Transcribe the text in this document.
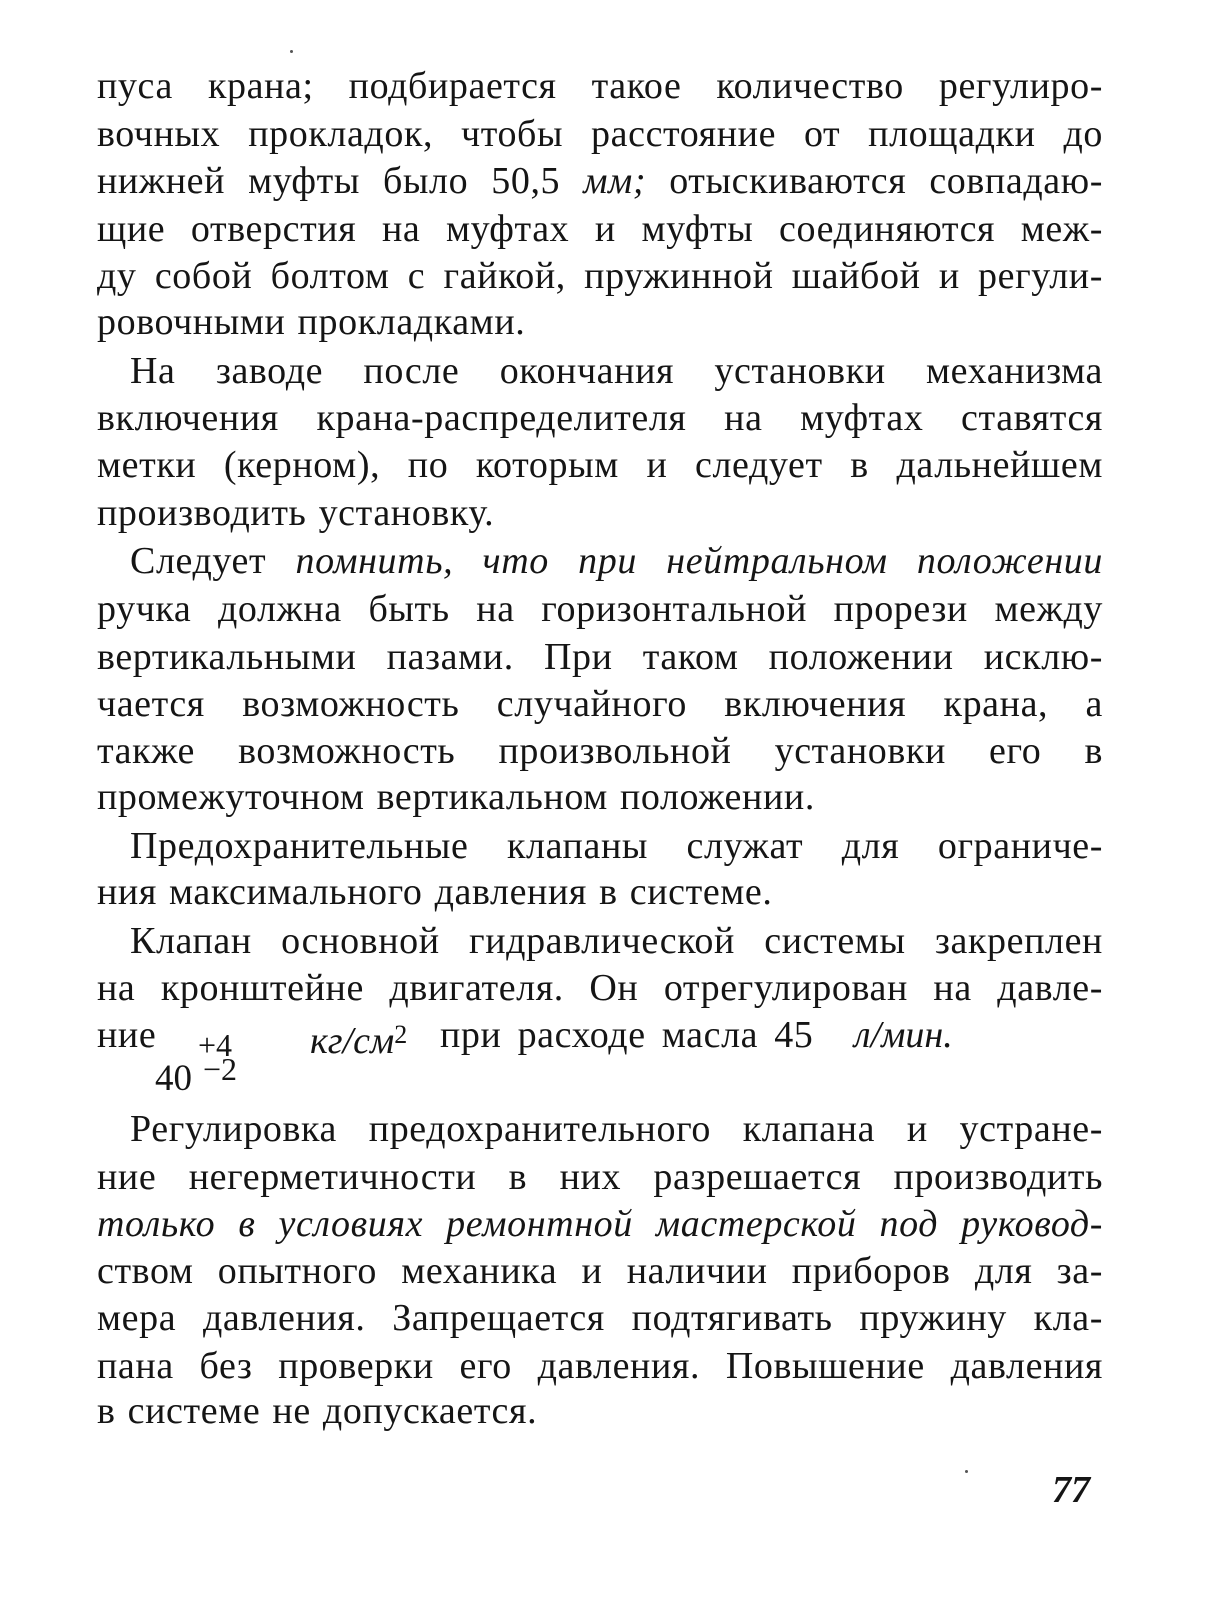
пуса крана; подбирается такое количество регулиро-
вочных прокладок, чтобы расстояние от площадки до
нижней муфты было 50,5 мм; отыскиваются совпадаю-
щие отверстия на муфтах и муфты соединяются меж-
ду собой болтом с гайкой, пружинной шайбой и регули-
ровочными прокладками.
На заводе после окончания установки механизма
включения крана-распределителя на муфтах ставятся
метки (керном), по которым и следует в дальнейшем
производить установку.
Следует помнить, что при нейтральном положении
ручка должна быть на горизонтальной прорези между
вертикальными пазами. При таком положении исклю-
чается возможность случайного включения крана, а
также возможность произвольной установки его в
промежуточном вертикальном положении.
Предохранительные клапаны служат для ограниче-
ния максимального давления в системе.
Клапан основной гидравлической системы закреплен
на кронштейне двигателя. Он отрегулирован на давле-
ние +4
40 −2
$кг/см^2$ при расходе масла 45 л/мин.
Регулировка предохранительного клапана и устране-
ние негерметичности в них разрешается производить
только в условиях ремонтной мастерской под руковод-
ством опытного механика и наличии приборов для за-
мера давления. Запрещается подтягивать пружину кла-
пана без проверки его давления. Повышение давления
в системе не допускается.
77
